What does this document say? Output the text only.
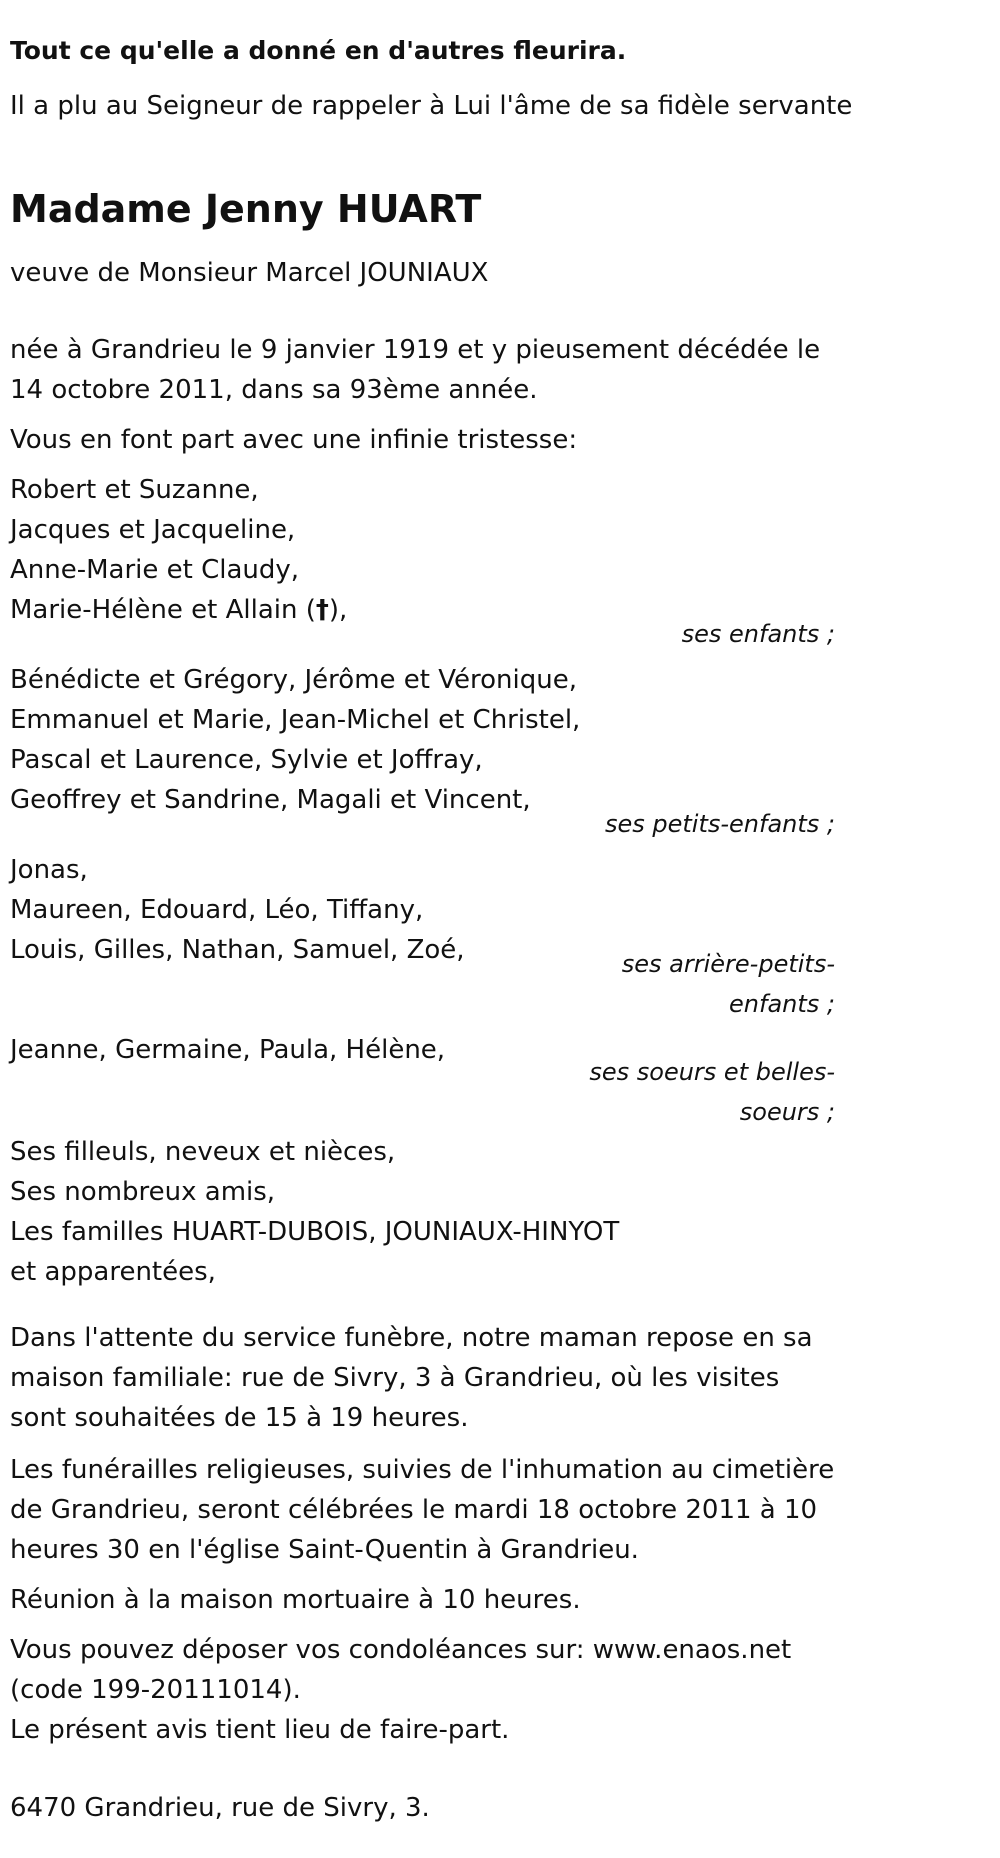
Tout ce qu'elle a donné en d'autres fleurira.

Il a plu au Seigneur de rappeler à Lui l'âme de sa fidèle servante

Madame Jenny HUART

veuve de Monsieur Marcel JOUNIAUX

née à Grandrieu le 9 janvier 1919 et y pieusement décédée le 14 octobre 2011, dans sa 93ème année.

Vous en font part avec une infinie tristesse:

Robert et Suzanne,
Jacques et Jacqueline,
Anne-Marie et Claudy,
Marie-Hélène et Allain (†),
ses enfants ;
Bénédicte et Grégory, Jérôme et Véronique,
Emmanuel et Marie, Jean-Michel et Christel,
Pascal et Laurence, Sylvie et Joffray,
Geoffrey et Sandrine, Magali et Vincent,
ses petits-enfants ;
Jonas,
Maureen, Edouard, Léo, Tiffany,
Louis, Gilles, Nathan, Samuel, Zoé,	ses arrière-petits-
enfants ;

Jeanne, Germaine, Paula, Hélène,

ses soeurs et belles-
soeurs ;
Ses filleuls, neveux et nièces,
Ses nombreux amis,
Les familles HUART-DUBOIS, JOUNIAUX-HINYOT
et apparentées,

Dans l'attente du service funèbre, notre maman repose en sa maison familiale: rue de Sivry, 3 à Grandrieu, où les visites sont souhaitées de 15 à 19 heures.

Les funérailles religieuses, suivies de l'inhumation au cimetière de Grandrieu, seront célébrées le mardi 18 octobre 2011 à 10 heures 30 en l'église Saint-Quentin à Grandrieu.

Réunion à la maison mortuaire à 10 heures.

Vous pouvez déposer vos condoléances sur: www.enaos.net (code 199-20111014).

Le présent avis tient lieu de faire-part.

6470 Grandrieu, rue de Sivry, 3.
